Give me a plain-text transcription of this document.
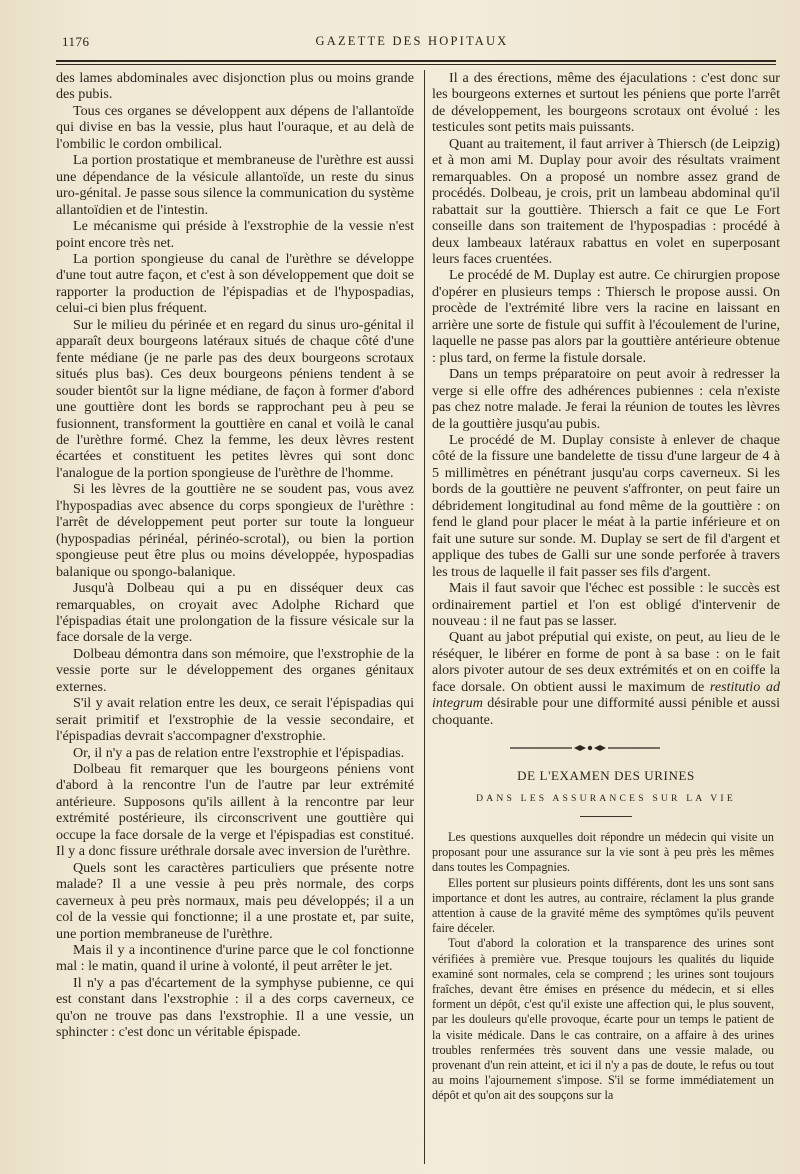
1176	GAZETTE DES HOPITAUX

des lames abdominales avec disjonction plus ou moins grande des pubis.

Tous ces organes se développent aux dépens de l'allantoïde qui divise en bas la vessie, plus haut l'ouraque, et au delà de l'ombilic le cordon ombilical.

La portion prostatique et membraneuse de l'urèthre est aussi une dépendance de la vésicule allantoïde, un reste du sinus uro-génital. Je passe sous silence la communication du système allantoïdien et de l'intestin.

Le mécanisme qui préside à l'exstrophie de la vessie n'est point encore très net.

La portion spongieuse du canal de l'urèthre se développe d'une tout autre façon, et c'est à son développement que doit se rapporter la production de l'épispadias et de l'hypospadias, celui-ci bien plus fréquent.

Sur le milieu du périnée et en regard du sinus uro-génital il apparaît deux bourgeons latéraux situés de chaque côté d'une fente médiane (je ne parle pas des deux bourgeons scrotaux situés plus bas). Ces deux bourgeons péniens tendent à se souder bientôt sur la ligne médiane, de façon à former d'abord une gouttière dont les bords se rapprochant peu à peu se fusionnent, transforment la gouttière en canal et voilà le canal de l'urèthre formé. Chez la femme, les deux lèvres restent écartées et constituent les petites lèvres qui sont donc l'analogue de la portion spongieuse de l'urèthre de l'homme.

Si les lèvres de la gouttière ne se soudent pas, vous avez l'hypospadias avec absence du corps spongieux de l'urèthre : l'arrêt de développement peut porter sur toute la longueur (hypospadias périnéal, périnéo-scrotal), ou bien la portion spongieuse peut être plus ou moins développée, hypospadias balanique ou spongo-balanique.

Jusqu'à Dolbeau qui a pu en disséquer deux cas remarquables, on croyait avec Adolphe Richard que l'épispadias était une prolongation de la fissure vésicale sur la face dorsale de la verge.

Dolbeau démontra dans son mémoire, que l'exstrophie de la vessie porte sur le développement des organes génitaux externes.

S'il y avait relation entre les deux, ce serait l'épispadias qui serait primitif et l'exstrophie de la vessie secondaire, et l'épispadias devrait s'accompagner d'exstrophie.

Or, il n'y a pas de relation entre l'exstrophie et l'épispadias.

Dolbeau fit remarquer que les bourgeons péniens vont d'abord à la rencontre l'un de l'autre par leur extrémité antérieure. Supposons qu'ils aillent à la rencontre par leur extrémité postérieure, ils circonscrivent une gouttière qui occupe la face dorsale de la verge et l'épispadias est constitué. Il y a donc fissure uréthrale dorsale avec inversion de l'urèthre.

Quels sont les caractères particuliers que présente notre malade? Il a une vessie à peu près normale, des corps caverneux à peu près normaux, mais peu développés; il a un col de la vessie qui fonctionne; il a une prostate et, par suite, une portion membraneuse de l'urèthre.

Mais il y a incontinence d'urine parce que le col fonctionne mal : le matin, quand il urine à volonté, il peut arrêter le jet.

Il n'y a pas d'écartement de la symphyse pubienne, ce qui est constant dans l'exstrophie : il a des corps caverneux, ce qu'on ne trouve pas dans l'exstrophie. Il a une vessie, un sphincter : c'est donc un véritable épispade.

Il a des érections, même des éjaculations : c'est donc sur les bourgeons externes et surtout les péniens que porte l'arrêt de développement, les bourgeons scrotaux ont évolué : les testicules sont petits mais puissants.

Quant au traitement, il faut arriver à Thiersch (de Leipzig) et à mon ami M. Duplay pour avoir des résultats vraiment remarquables. On a proposé un nombre assez grand de procédés. Dolbeau, je crois, prit un lambeau abdominal qu'il rabattait sur la gouttière. Thiersch a fait ce que Le Fort conseille dans son traitement de l'hypospadias : procédé à deux lambeaux latéraux rabattus en volet en superposant leurs faces cruentées.

Le procédé de M. Duplay est autre. Ce chirurgien propose d'opérer en plusieurs temps : Thiersch le propose aussi. On procède de l'extrémité libre vers la racine en laissant en arrière une sorte de fistule qui suffit à l'écoulement de l'urine, laquelle ne passe pas alors par la gouttière antérieure obtenue : plus tard, on ferme la fistule dorsale.

Dans un temps préparatoire on peut avoir à redresser la verge si elle offre des adhérences pubiennes : cela n'existe pas chez notre malade. Je ferai la réunion de toutes les lèvres de la gouttière jusqu'au pubis.

Le procédé de M. Duplay consiste à enlever de chaque côté de la fissure une bandelette de tissu d'une largeur de 4 à 5 millimètres en pénétrant jusqu'au corps caverneux. Si les bords de la gouttière ne peuvent s'affronter, on peut faire un débridement longitudinal au fond même de la gouttière : on fend le gland pour placer le méat à la partie inférieure et on fait une suture sur sonde. M. Duplay se sert de fil d'argent et applique des tubes de Galli sur une sonde perforée à travers les trous de laquelle il fait passer ses fils d'argent.

Mais il faut savoir que l'échec est possible : le succès est ordinairement partiel et l'on est obligé d'intervenir de nouveau : il ne faut pas se lasser.

Quant au jabot préputial qui existe, on peut, au lieu de le réséquer, le libérer en forme de pont à sa base : on le fait alors pivoter autour de ses deux extrémités et on en coiffe la face dorsale. On obtient aussi le maximum de restitutio ad integrum désirable pour une difformité aussi pénible et aussi choquante.

DE L'EXAMEN DES URINES
DANS LES ASSURANCES SUR LA VIE

Les questions auxquelles doit répondre un médecin qui visite un proposant pour une assurance sur la vie sont à peu près les mêmes dans toutes les Compagnies.

Elles portent sur plusieurs points différents, dont les uns sont sans importance et dont les autres, au contraire, réclament la plus grande attention à cause de la gravité même des symptômes qu'ils peuvent faire déceler.

Tout d'abord la coloration et la transparence des urines sont vérifiées à première vue. Presque toujours les qualités du liquide examiné sont normales, cela se comprend ; les urines sont toujours fraîches, devant être émises en présence du médecin, et si elles forment un dépôt, c'est qu'il existe une affection qui, le plus souvent, par les douleurs qu'elle provoque, écarte pour un temps le patient de la visite médicale. Dans le cas contraire, on a affaire à des urines troubles renfermées très souvent dans une vessie malade, ou provenant d'un rein atteint, et ici il n'y a pas de doute, le refus ou tout au moins l'ajournement s'impose. S'il se forme immédiatement un dépôt et qu'on ait des soupçons sur la
